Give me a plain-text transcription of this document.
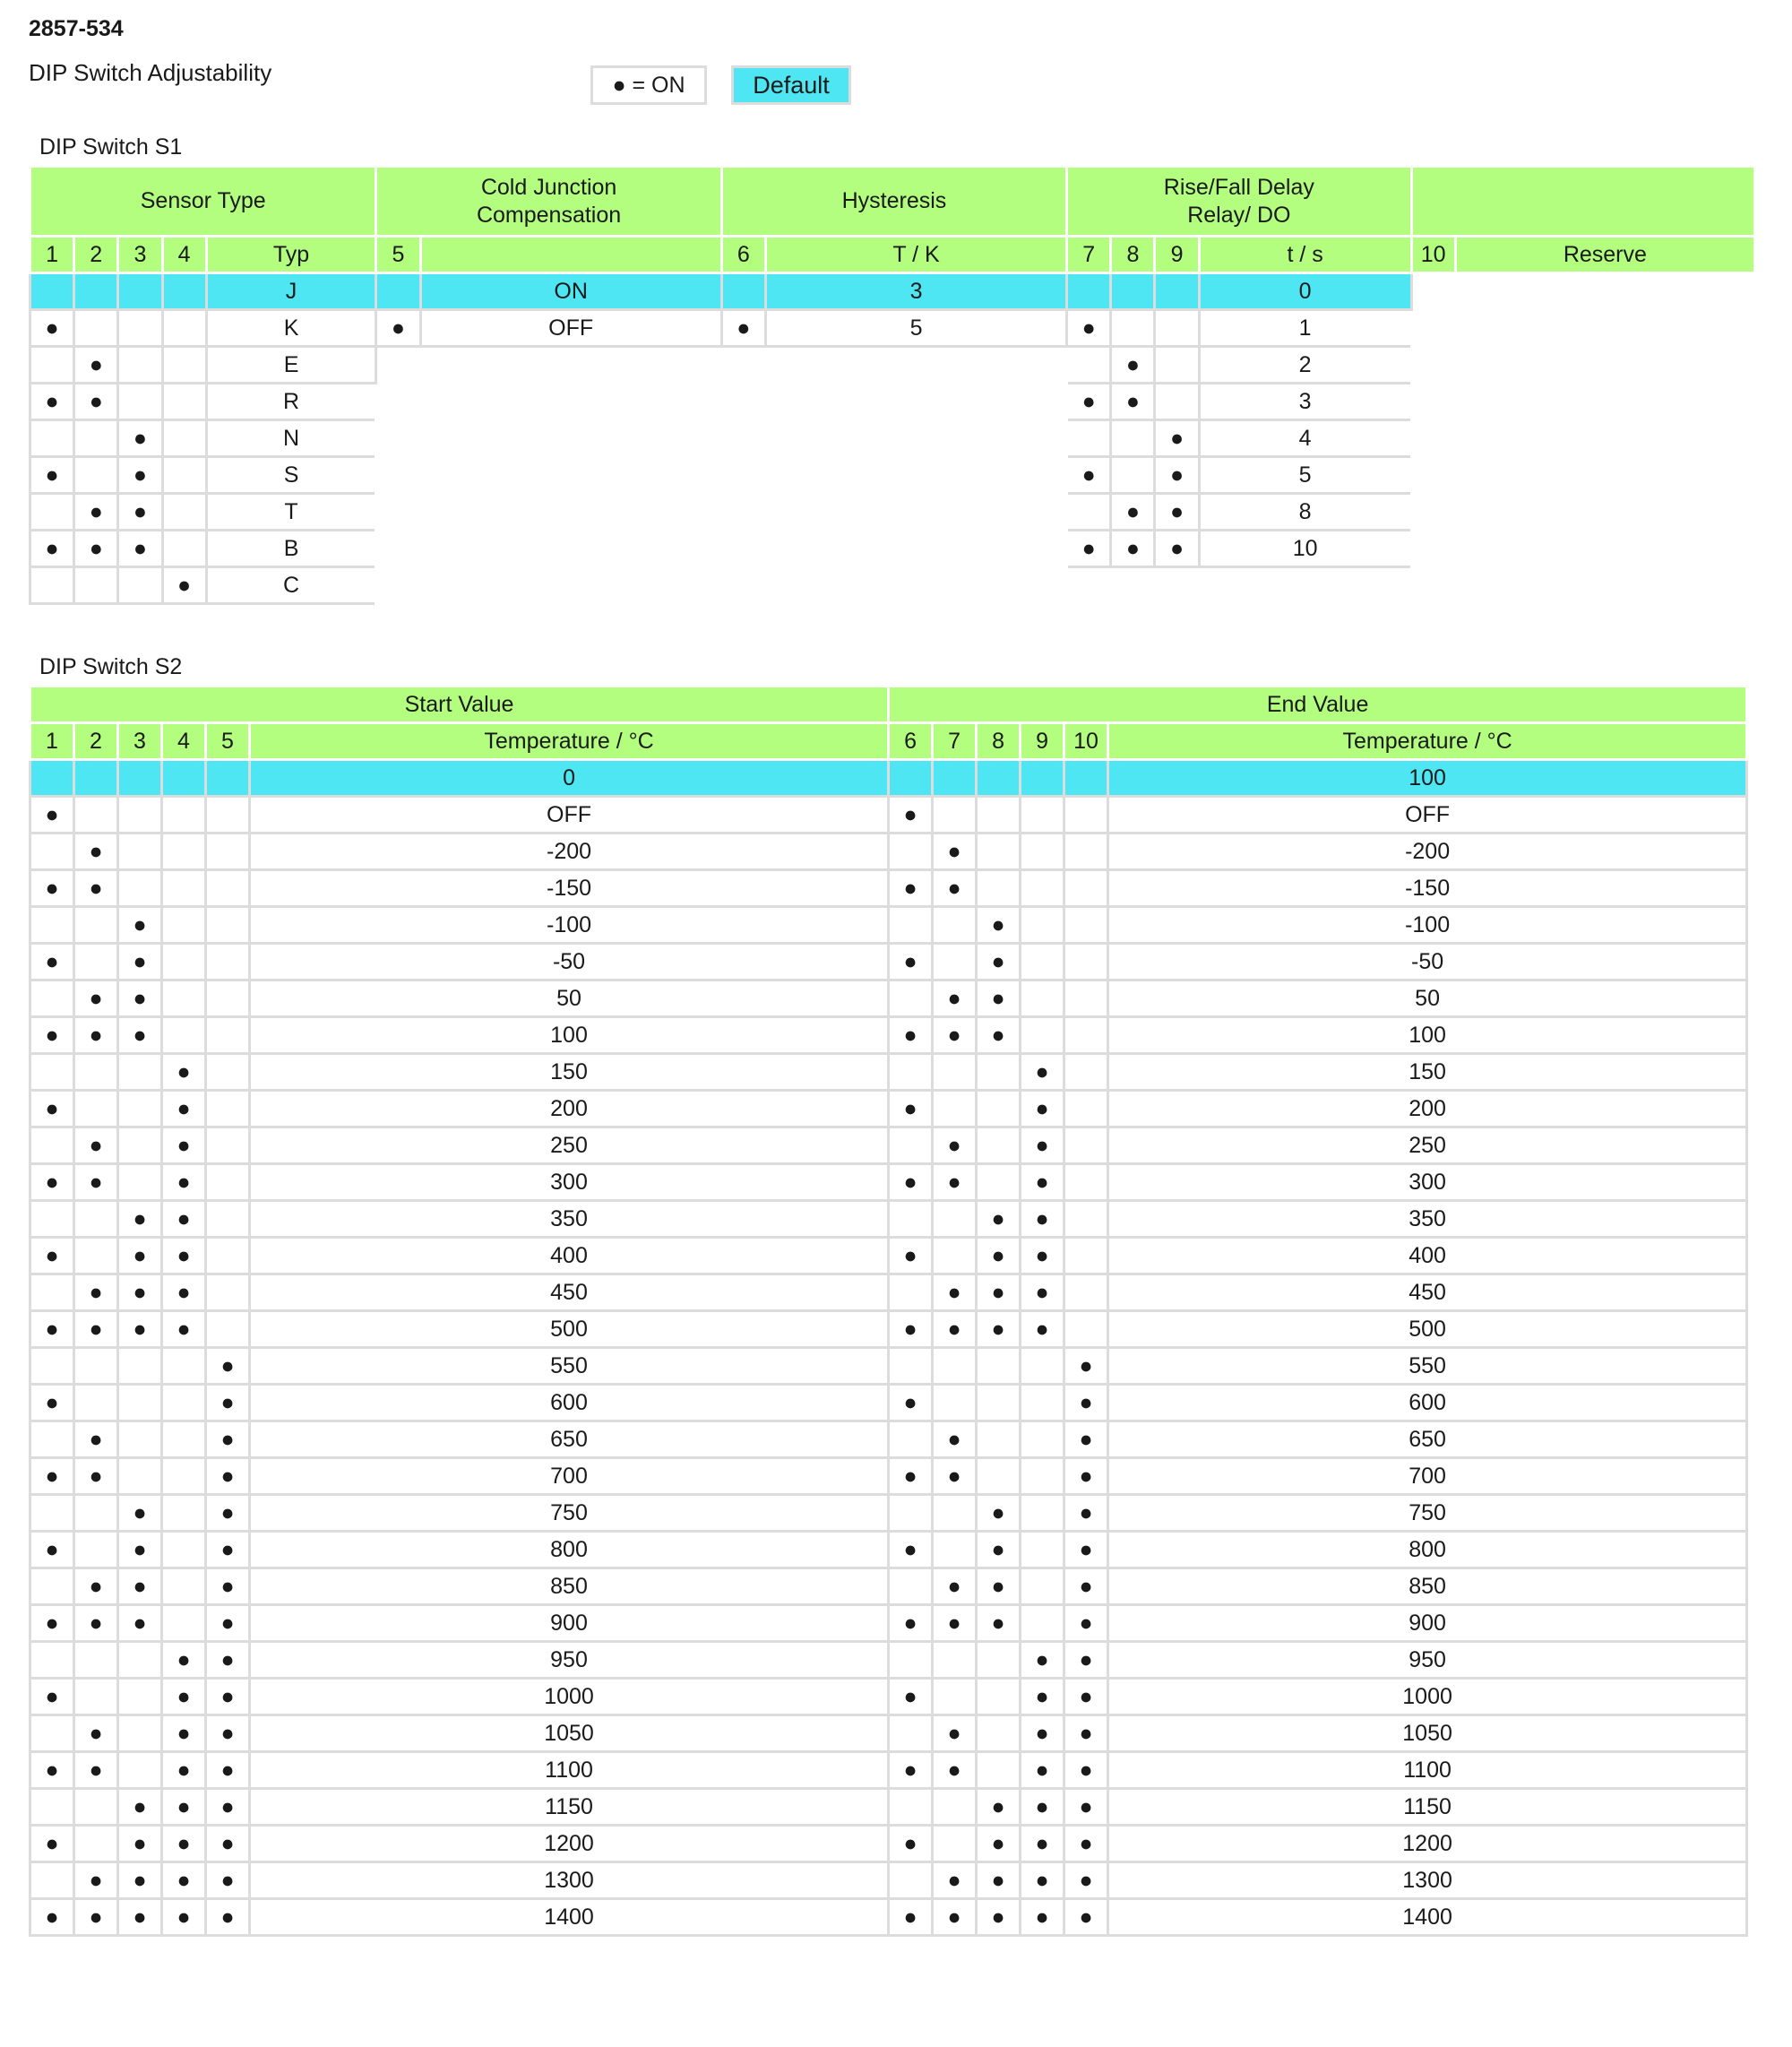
2857-534
DIP Switch Adjustability	● = ON	Default
DIP Switch S1
Sensor Type					Cold Junction Compensation		Hysteresis		Rise/Fall Delay Relay/ DO					
1	2	3	4	Typ	5		6	T / K	7	8	9	t / s	10	Reserve
				J		ON		3				0		
●				K	●	OFF	●	5	●			1		
	●			E						●		2		
●	●			R					●	●		3		
		●		N							●	4		
●		●		S					●		●	5		
	●	●		T						●	●	8		
●	●	●		B					●	●	●	10		
			●	C										
DIP Switch S2
Start Value						End Value					
1	2	3	4	5	Temperature / °C	6	7	8	9	10	Temperature / °C
					0						100
●					OFF	●					OFF
	●				-200		●				-200
●	●				-150	●	●				-150
		●			-100			●			-100
●		●			-50	●		●			-50
	●	●			50		●	●			50
●	●	●			100	●	●	●			100
			●		150				●		150
●			●		200	●			●		200
	●		●		250		●		●		250
●	●		●		300	●	●		●		300
		●	●		350			●	●		350
●		●	●		400	●		●	●		400
	●	●	●		450		●	●	●		450
●	●	●	●		500	●	●	●	●		500
				●	550					●	550
●				●	600	●				●	600
	●			●	650		●			●	650
●	●			●	700	●	●			●	700
		●		●	750			●		●	750
●		●		●	800	●		●		●	800
	●	●		●	850		●	●		●	850
●	●	●		●	900	●	●	●		●	900
			●	●	950				●	●	950
●			●	●	1000	●			●	●	1000
	●		●	●	1050		●		●	●	1050
●	●		●	●	1100	●	●		●	●	1100
		●	●	●	1150			●	●	●	1150
●		●	●	●	1200	●		●	●	●	1200
	●	●	●	●	1300		●	●	●	●	1300
●	●	●	●	●	1400	●	●	●	●	●	1400
